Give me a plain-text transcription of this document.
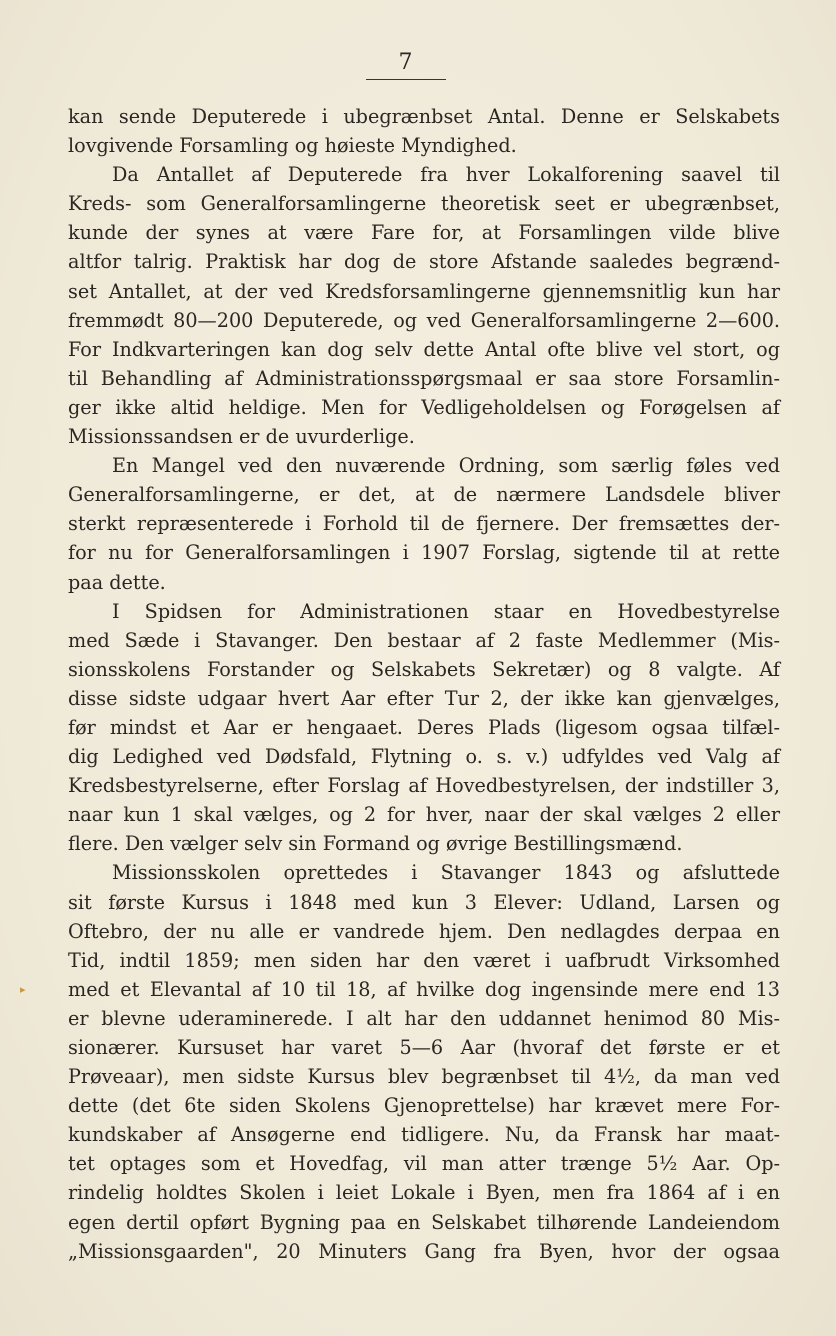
7
▸
kan sende Deputerede i ubegrænbset Antal. Denne er Selskabets
lovgivende Forsamling og høieste Myndighed.
Da Antallet af Deputerede fra hver Lokalforening saavel til
Kreds- som Generalforsamlingerne theoretisk seet er ubegrænbset,
kunde der synes at være Fare for, at Forsamlingen vilde blive
altfor talrig. Praktisk har dog de store Afstande saaledes begrænd-
set Antallet, at der ved Kredsforsamlingerne gjennemsnitlig kun har
fremmødt 80—200 Deputerede, og ved Generalforsamlingerne 2—600.
For Indkvarteringen kan dog selv dette Antal ofte blive vel stort, og
til Behandling af Administrationsspørgsmaal er saa store Forsamlin-
ger ikke altid heldige. Men for Vedligeholdelsen og Forøgelsen af
Missionssandsen er de uvurderlige.
En Mangel ved den nuværende Ordning, som særlig føles ved
Generalforsamlingerne, er det, at de nærmere Landsdele bliver
sterkt repræsenterede i Forhold til de fjernere. Der fremsættes der-
for nu for Generalforsamlingen i 1907 Forslag, sigtende til at rette
paa dette.
I Spidsen for Administrationen staar en Hovedbestyrelse
med Sæde i Stavanger. Den bestaar af 2 faste Medlemmer (Mis-
sionsskolens Forstander og Selskabets Sekretær) og 8 valgte. Af
disse sidste udgaar hvert Aar efter Tur 2, der ikke kan gjenvælges,
før mindst et Aar er hengaaet. Deres Plads (ligesom ogsaa tilfæl-
dig Ledighed ved Dødsfald, Flytning o. s. v.) udfyldes ved Valg af
Kredsbestyrelserne, efter Forslag af Hovedbestyrelsen, der indstiller 3,
naar kun 1 skal vælges, og 2 for hver, naar der skal vælges 2 eller
flere. Den vælger selv sin Formand og øvrige Bestillingsmænd.
Missionsskolen oprettedes i Stavanger 1843 og afsluttede
sit første Kursus i 1848 med kun 3 Elever: Udland, Larsen og
Oftebro, der nu alle er vandrede hjem. Den nedlagdes derpaa en
Tid, indtil 1859; men siden har den været i uafbrudt Virksomhed
med et Elevantal af 10 til 18, af hvilke dog ingensinde mere end 13
er blevne uderaminerede. I alt har den uddannet henimod 80 Mis-
sionærer. Kursuset har varet 5—6 Aar (hvoraf det første er et
Prøveaar), men sidste Kursus blev begrænbset til 4½, da man ved
dette (det 6te siden Skolens Gjenoprettelse) har krævet mere For-
kundskaber af Ansøgerne end tidligere. Nu, da Fransk har maat-
tet optages som et Hovedfag, vil man atter trænge 5½ Aar. Op-
rindelig holdtes Skolen i leiet Lokale i Byen, men fra 1864 af i en
egen dertil opført Bygning paa en Selskabet tilhørende Landeiendom
„Missionsgaarden", 20 Minuters Gang fra Byen, hvor der ogsaa
